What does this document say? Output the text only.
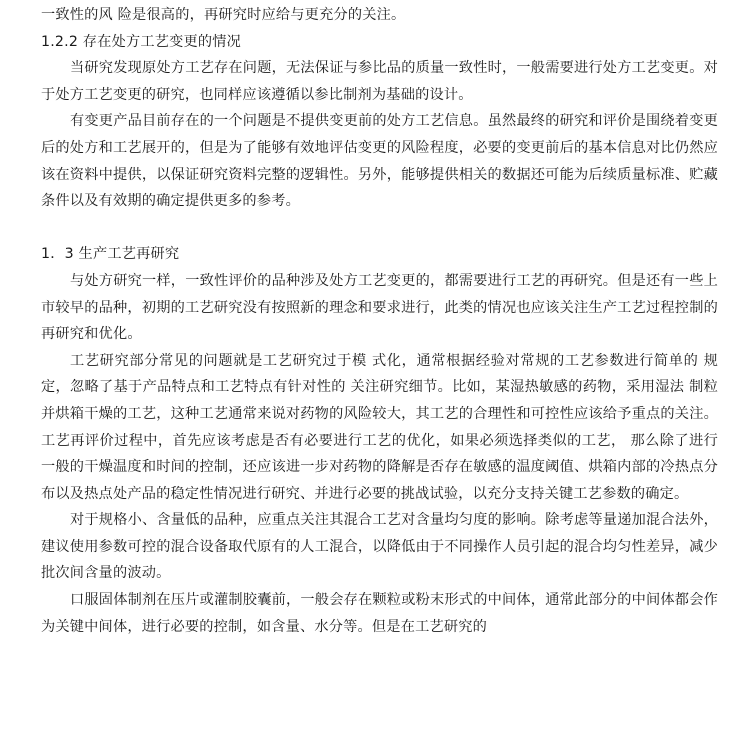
一致性的风 险是很高的，再研究时应给与更充分的关注。

1.2.2 存在处方工艺变更的情况

当研究发现原处方工艺存在问题，无法保证与参比品的质量一致性时，一般需要进行处方工艺变更。对于处方工艺变更的研究，也同样应该遵循以参比制剂为基础的设计。

有变更产品目前存在的一个问题是不提供变更前的处方工艺信息。虽然最终的研究和评价是围绕着变更后的处方和工艺展开的，但是为了能够有效地评估变更的风险程度，必要的变更前后的基本信息对比仍然应该在资料中提供，以保证研究资料完整的逻辑性。另外，能够提供相关的数据还可能为后续质量标准、贮藏条件以及有效期的确定提供更多的参考。

1．3 生产工艺再研究

与处方研究一样，一致性评价的品种涉及处方工艺变更的，都需要进行工艺的再研究。但是还有一些上市较早的品种，初期的工艺研究没有按照新的理念和要求进行，此类的情况也应该关注生产工艺过程控制的再研究和优化。

工艺研究部分常见的问题就是工艺研究过于模 式化，通常根据经验对常规的工艺参数进行简单的 规定，忽略了基于产品特点和工艺特点有针对性的 关注研究细节。比如，某湿热敏感的药物，采用湿法 制粒并烘箱干燥的工艺，这种工艺通常来说对药物的风险较大，其工艺的合理性和可控性应该给予重点的关注。工艺再评价过程中，首先应该考虑是否有必要进行工艺的优化，如果必须选择类似的工艺， 那么除了进行一般的干燥温度和时间的控制，还应该进一步对药物的降解是否存在敏感的温度阈值、烘箱内部的冷热点分布以及热点处产品的稳定性情况进行研究、并进行必要的挑战试验，以充分支持关键工艺参数的确定。

对于规格小、含量低的品种，应重点关注其混合工艺对含量均匀度的影响。除考虑等量递加混合法外，建议使用参数可控的混合设备取代原有的人工混合，以降低由于不同操作人员引起的混合均匀性差异，减少批次间含量的波动。

口服固体制剂在压片或灌制胶囊前，一般会存在颗粒或粉末形式的中间体，通常此部分的中间体都会作为关键中间体，进行必要的控制，如含量、水分等。但是在工艺研究的
